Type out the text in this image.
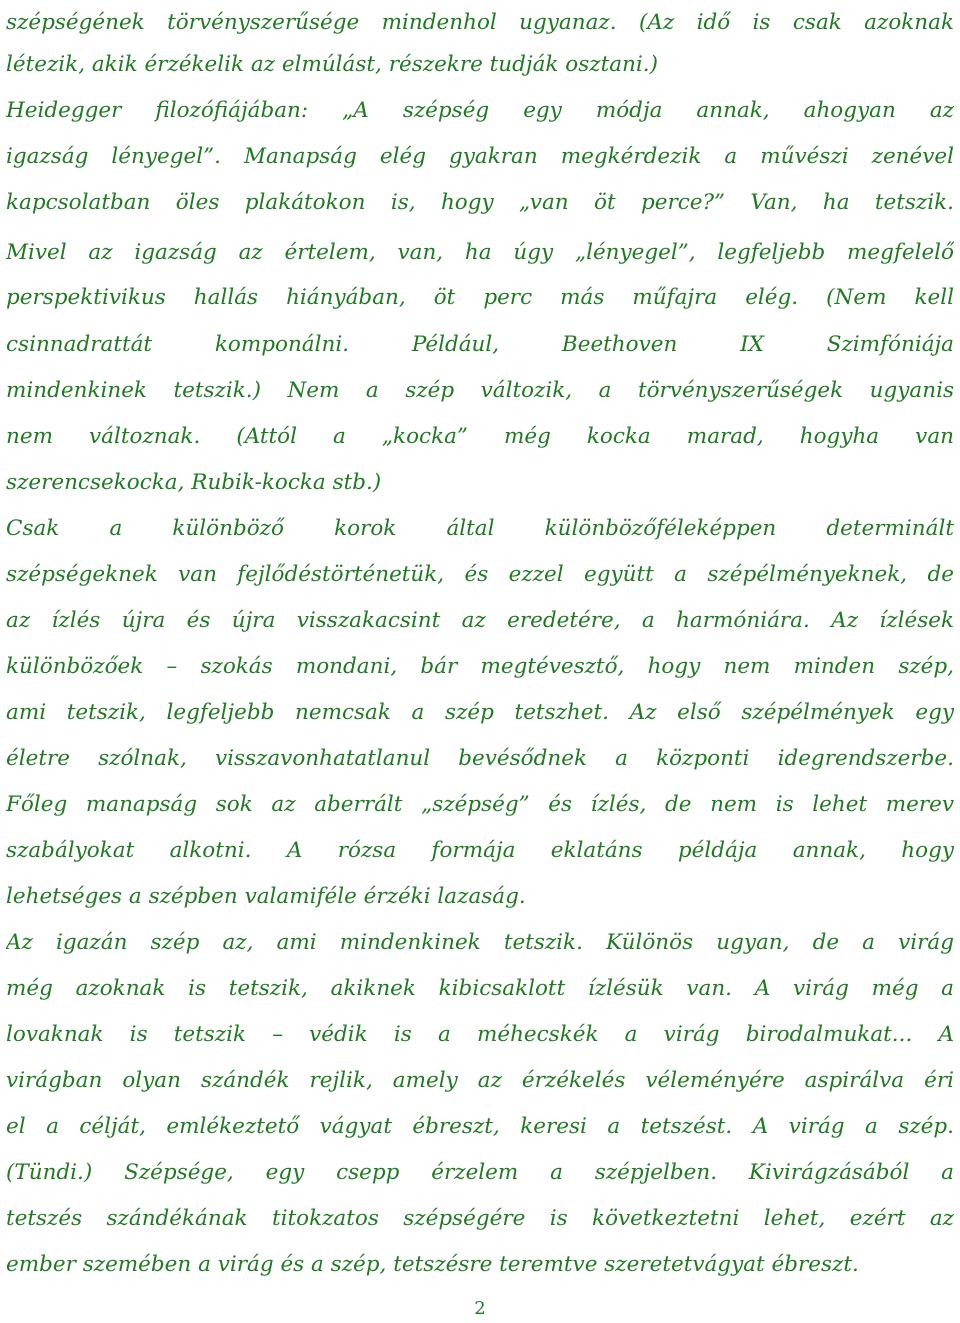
szépségének törvényszerűsége mindenhol ugyanaz. (Az idő is csak azoknak
létezik, akik érzékelik az elmúlást, részekre tudják osztani.)
Heidegger filozófiájában: „A szépség egy módja annak, ahogyan az
igazság lényegel”. Manapság elég gyakran megkérdezik a művészi zenével
kapcsolatban öles plakátokon is, hogy „van öt perce?” Van, ha tetszik.
Mivel az igazság az értelem, van, ha úgy „lényegel”, legfeljebb megfelelő
perspektivikus hallás hiányában, öt perc más műfajra elég. (Nem kell
csinnadrattát komponálni. Például, Beethoven IX Szimfóniája
mindenkinek tetszik.) Nem a szép változik, a törvényszerűségek ugyanis
nem változnak. (Attól a „kocka” még kocka marad, hogyha van
szerencsekocka, Rubik-kocka stb.)
Csak a különböző korok által különbözőféleképpen determinált
szépségeknek van fejlődéstörténetük, és ezzel együtt a szépélményeknek, de
az ízlés újra és újra visszakacsint az eredetére, a harmóniára. Az ízlések
különbözőek – szokás mondani, bár megtévesztő, hogy nem minden szép,
ami tetszik, legfeljebb nemcsak a szép tetszhet. Az első szépélmények egy
életre szólnak, visszavonhatatlanul bevésődnek a központi idegrendszerbe.
Főleg manapság sok az aberrált „szépség” és ízlés, de nem is lehet merev
szabályokat alkotni. A rózsa formája eklatáns példája annak, hogy
lehetséges a szépben valamiféle érzéki lazaság.
Az igazán szép az, ami mindenkinek tetszik. Különös ugyan, de a virág
még azoknak is tetszik, akiknek kibicsaklott ízlésük van. A virág még a
lovaknak is tetszik – védik is a méhecskék a virág birodalmukat... A
virágban olyan szándék rejlik, amely az érzékelés véleményére aspirálva éri
el a célját, emlékeztető vágyat ébreszt, keresi a tetszést. A virág a szép.
(Tündi.) Szépsége, egy csepp érzelem a szépjelben. Kivirágzásából a
tetszés szándékának titokzatos szépségére is következtetni lehet, ezért az
ember szemében a virág és a szép, tetszésre teremtve szeretetvágyat ébreszt.
2
